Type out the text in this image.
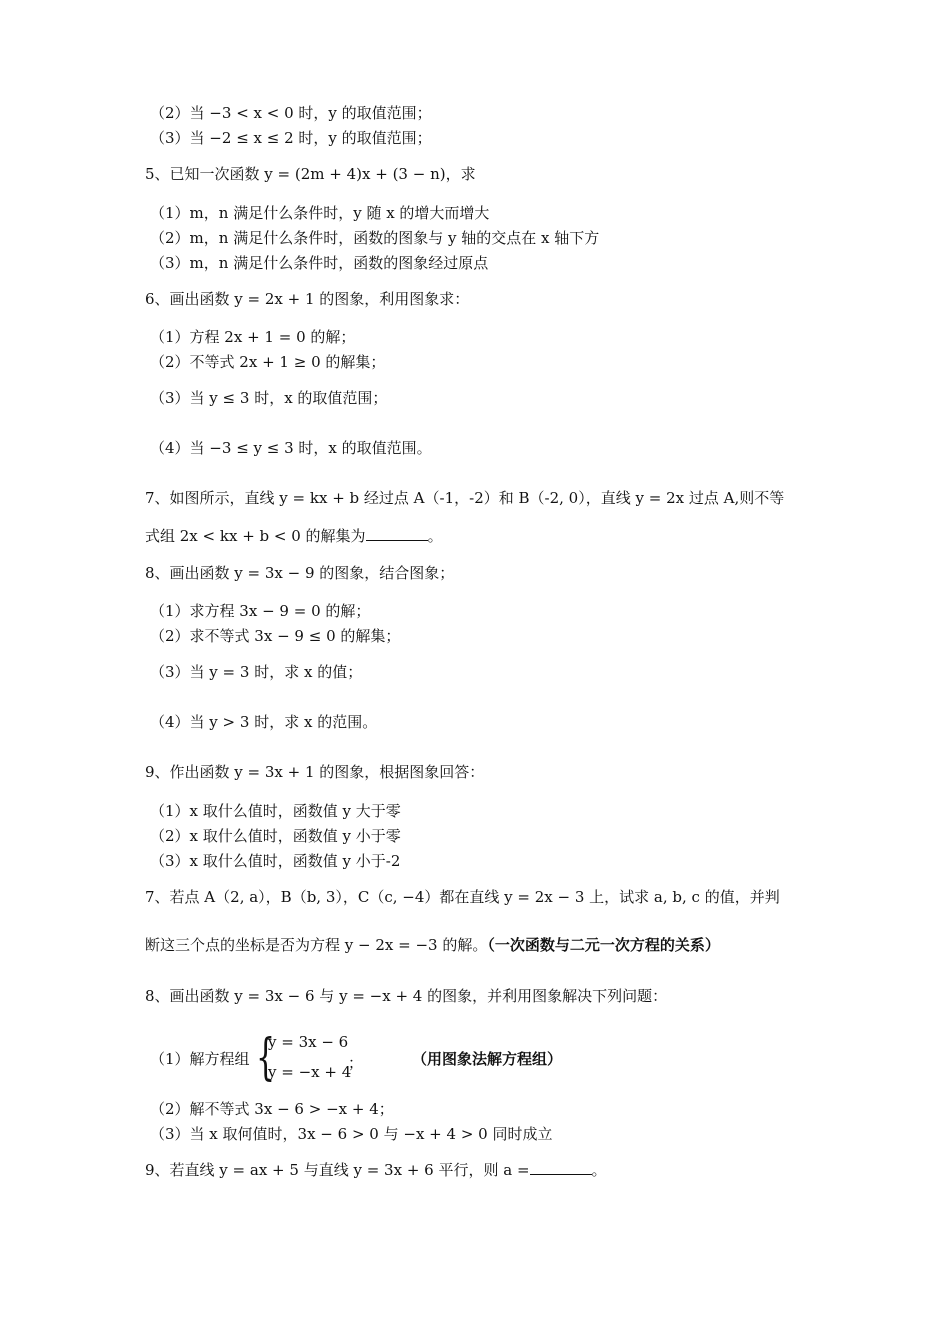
（2）当 −3 < x < 0 时，y 的取值范围；
（3）当 −2 ≤ x ≤ 2 时，y 的取值范围；
5、已知一次函数 y = (2m + 4)x + (3 − n)，求
（1）m，n 满足什么条件时，y 随 x 的增大而增大
（2）m，n 满足什么条件时，函数的图象与 y 轴的交点在 x 轴下方
（3）m，n 满足什么条件时，函数的图象经过原点
6、画出函数 y = 2x + 1 的图象，利用图象求：
（1）方程 2x + 1 = 0 的解；
（2）不等式 2x + 1 ≥ 0 的解集；
（3）当 y ≤ 3 时，x 的取值范围；
（4）当 −3 ≤ y ≤ 3 时，x 的取值范围。
7、如图所示，直线 y = kx + b 经过点 A（-1，-2）和 B（-2, 0），直线 y = 2x 过点 A,则不等
式组 2x < kx + b < 0 的解集为	。
8、画出函数 y = 3x − 9 的图象，结合图象；
（1）求方程 3x − 9 = 0 的解；
（2）求不等式 3x − 9 ≤ 0 的解集；
（3）当 y = 3 时，求 x 的值；
（4）当 y > 3 时，求 x 的范围。
9、作出函数 y = 3x + 1 的图象，根据图象回答：
（1）x 取什么值时，函数值 y 大于零
（2）x 取什么值时，函数值 y 小于零
（3）x 取什么值时，函数值 y 小于-2
7、若点 A（2, a），B（b, 3），C（c, −4）都在直线 y = 2x − 3 上，试求 a, b, c 的值，并判
断这三个点的坐标是否为方程 y − 2x = −3 的解。（一次函数与二元一次方程的关系）
8、画出函数 y = 3x − 6 与 y = −x + 4 的图象，并利用图象解决下列问题：
（1）解方程组 {
y = 3x − 6
y = −x + 4
；	（用图象法解方程组）
（2）解不等式 3x − 6 > −x + 4；
（3）当 x 取何值时，3x − 6 > 0 与 −x + 4 > 0 同时成立
9、若直线 y = ax + 5 与直线 y = 3x + 6 平行，则 a =	。
